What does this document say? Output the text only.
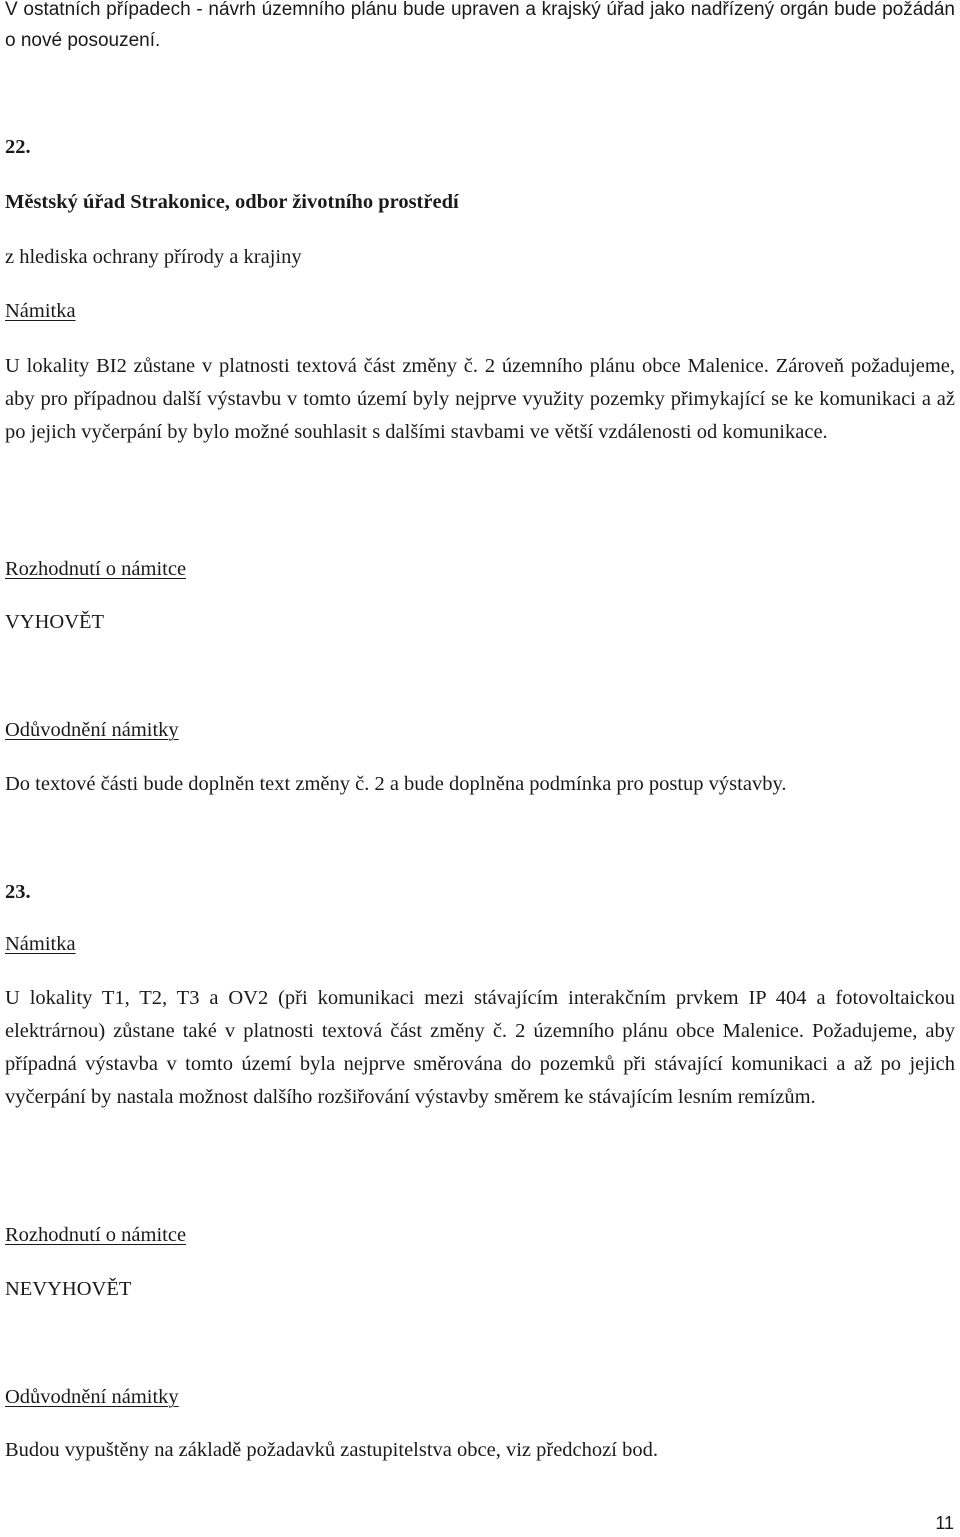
V ostatních případech - návrh územního plánu bude upraven a krajský úřad jako nadřízený orgán bude požádán o nové posouzení.

22.

Městský úřad Strakonice, odbor životního prostředí

z hlediska ochrany přírody a krajiny

Námitka

U lokality BI2 zůstane v platnosti textová část změny č. 2 územního plánu obce Malenice. Zároveň požadujeme, aby pro případnou další výstavbu v tomto území byly nejprve využity pozemky přimykající se ke komunikaci a až po jejich vyčerpání by bylo možné souhlasit s dalšími stavbami ve větší vzdálenosti od komunikace.

Rozhodnutí o námitce

VYHOVĚT

Odůvodnění námitky

Do textové části bude doplněn text změny č. 2 a bude doplněna podmínka pro postup výstavby.

23.

Námitka

U lokality T1, T2, T3 a OV2 (při komunikaci mezi stávajícím interakčním prvkem IP 404 a fotovoltaickou elektrárnou) zůstane také v platnosti textová část změny č. 2 územního plánu obce Malenice. Požadujeme, aby případná výstavba v tomto území byla nejprve směrována do pozemků při stávající komunikaci a až po jejich vyčerpání by nastala možnost dalšího rozšiřování výstavby směrem ke stávajícím lesním remízům.

Rozhodnutí o námitce

NEVYHOVĚT

Odůvodnění námitky

Budou vypuštěny na základě požadavků zastupitelstva obce, viz předchozí bod.

11
